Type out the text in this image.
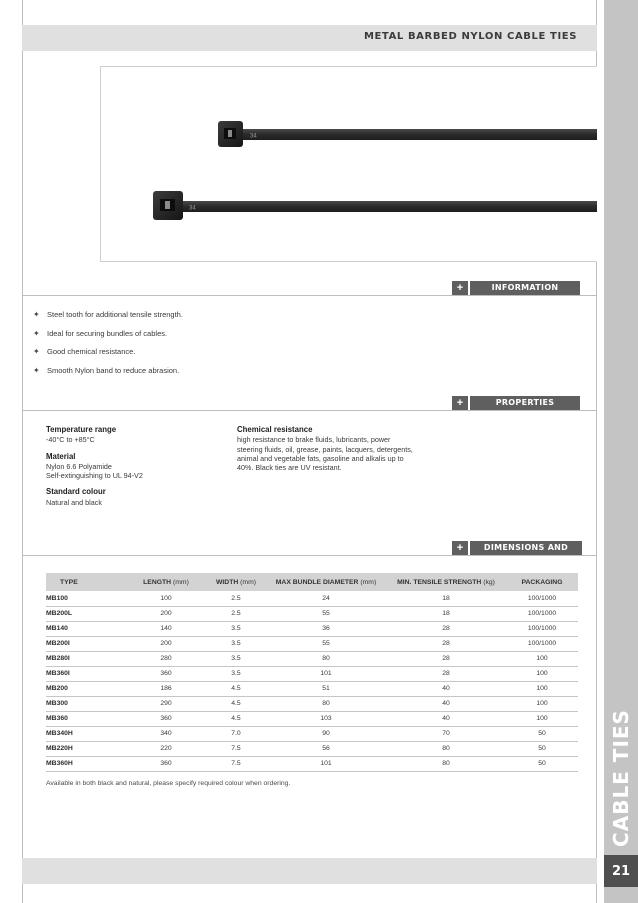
METAL BARBED NYLON CABLE TIES
CABLE TIES
21
34
34
+	INFORMATION
✦ Steel tooth for additional tensile strength.
✦ Ideal for securing bundles of cables.
✦ Good chemical resistance.
✦ Smooth Nylon band to reduce abrasion.
+	PROPERTIES
Temperature range
-40°C to +85°C
Material
Nylon 6.6 Polyamide
Self-extinguishing to UL 94-V2
Standard colour
Natural and black
Chemical resistance
high resistance to brake fluids, lubricants, power
steering fluids, oil, grease, paints, lacquers, detergents,
animal and vegetable fats, gasoline and alkalis up to
40%. Black ties are UV resistant.
+	DIMENSIONS AND PACKAGING
TYPE	LENGTH (mm)	WIDTH (mm)	MAX BUNDLE DIAMETER (mm)	MIN. TENSILE STRENGTH (kg)	PACKAGING
MB100	100	2.5	24	18	100/1000
MB200L	200	2.5	55	18	100/1000
MB140	140	3.5	36	28	100/1000
MB200I	200	3.5	55	28	100/1000
MB280I	280	3.5	80	28	100
MB360I	360	3.5	101	28	100
MB200	186	4.5	51	40	100
MB300	290	4.5	80	40	100
MB360	360	4.5	103	40	100
MB340H	340	7.0	90	70	50
MB220H	220	7.5	56	80	50
MB360H	360	7.5	101	80	50
Available in both black and natural, please specify required colour when ordering.
